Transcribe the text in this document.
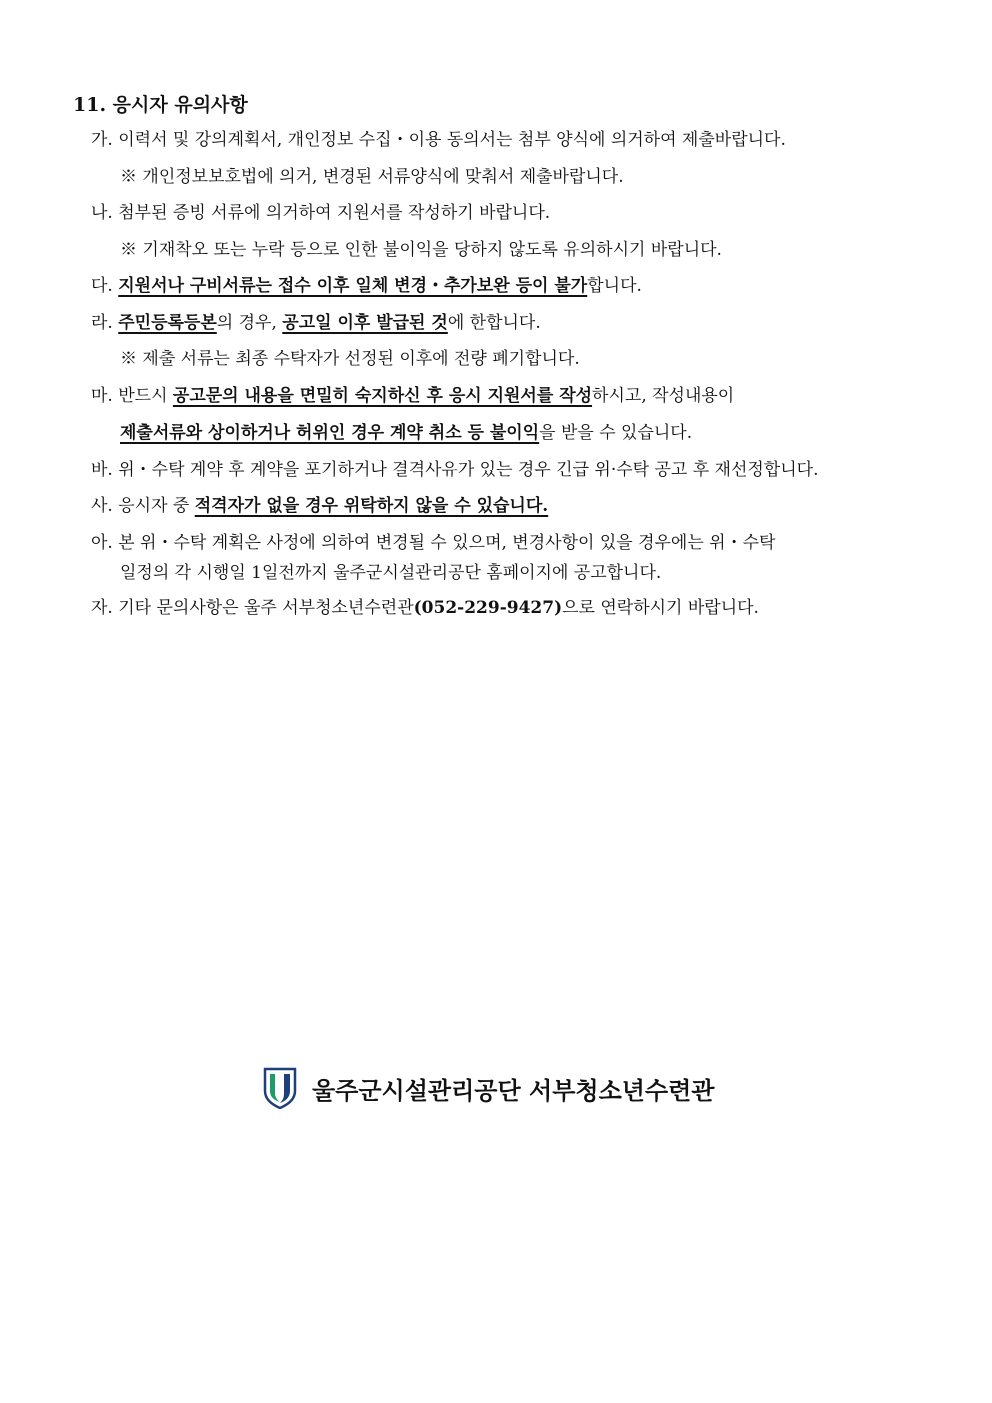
11. 응시자 유의사항
가. 이력서 및 강의계획서, 개인정보 수집・이용 동의서는 첨부 양식에 의거하여 제출바랍니다.
※ 개인정보보호법에 의거, 변경된 서류양식에 맞춰서 제출바랍니다.
나. 첨부된 증빙 서류에 의거하여 지원서를 작성하기 바랍니다.
※ 기재착오 또는 누락 등으로 인한 불이익을 당하지 않도록 유의하시기 바랍니다.
다. 지원서나 구비서류는 접수 이후 일체 변경・추가보완 등이 불가합니다.
라. 주민등록등본의 경우, 공고일 이후 발급된 것에 한합니다.
※ 제출 서류는 최종 수탁자가 선정된 이후에 전량 폐기합니다.
마. 반드시 공고문의 내용을 면밀히 숙지하신 후 응시 지원서를 작성하시고, 작성내용이
제출서류와 상이하거나 허위인 경우 계약 취소 등 불이익을 받을 수 있습니다.
바. 위・수탁 계약 후 계약을 포기하거나 결격사유가 있는 경우 긴급 위·수탁 공고 후 재선정합니다.
사. 응시자 중 적격자가 없을 경우 위탁하지 않을 수 있습니다.
아. 본 위・수탁 계획은 사정에 의하여 변경될 수 있으며, 변경사항이 있을 경우에는 위・수탁
일정의 각 시행일 1일전까지 울주군시설관리공단 홈페이지에 공고합니다.
자. 기타 문의사항은 울주 서부청소년수련관(052-229-9427)으로 연락하시기 바랍니다.
울주군시설관리공단 서부청소년수련관
